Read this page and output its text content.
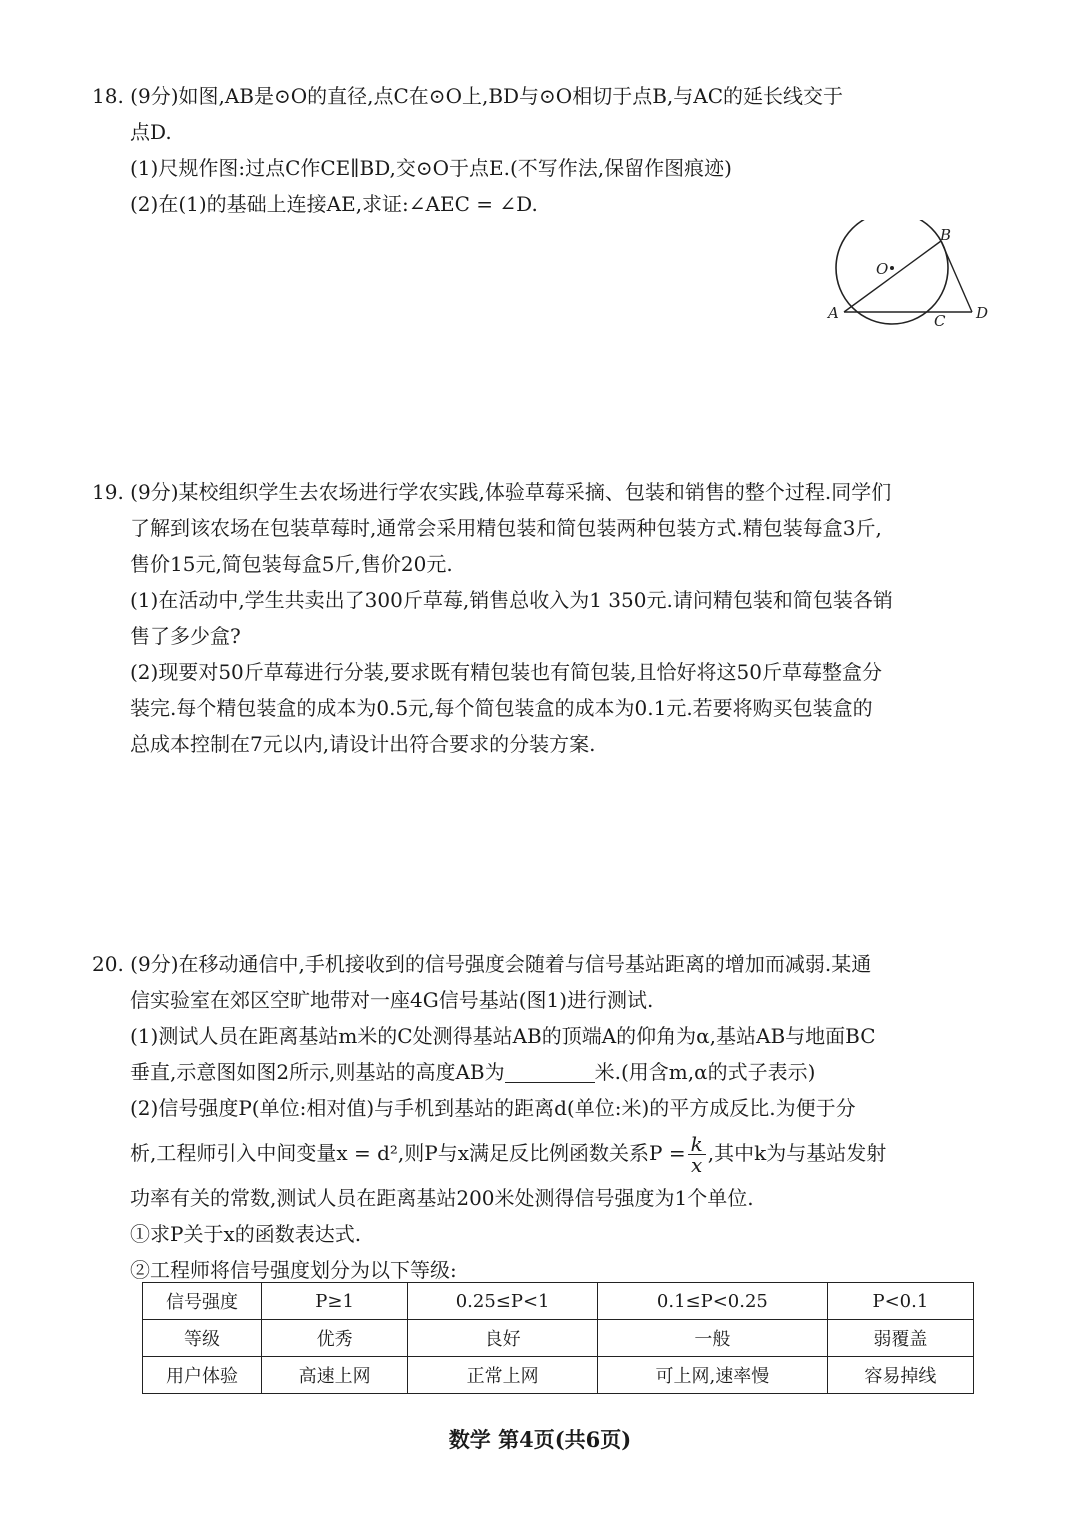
18. (9分)如图,AB是⊙O的直径,点C在⊙O上,BD与⊙O相切于点B,与AC的延长线交于
点D.
(1)尺规作图:过点C作CE∥BD,交⊙O于点E.(不写作法,保留作图痕迹)
(2)在(1)的基础上连接AE,求证:∠AEC = ∠D.
O
A
B
C D
19. (9分)某校组织学生去农场进行学农实践,体验草莓采摘、包装和销售的整个过程.同学们
了解到该农场在包装草莓时,通常会采用精包装和简包装两种包装方式.精包装每盒3斤,
售价15元,简包装每盒5斤,售价20元.
(1)在活动中,学生共卖出了300斤草莓,销售总收入为1 350元.请问精包装和简包装各销
售了多少盒?
(2)现要对50斤草莓进行分装,要求既有精包装也有简包装,且恰好将这50斤草莓整盒分
装完.每个精包装盒的成本为0.5元,每个简包装盒的成本为0.1元.若要将购买包装盒的
总成本控制在7元以内,请设计出符合要求的分装方案.
20. (9分)在移动通信中,手机接收到的信号强度会随着与信号基站距离的增加而减弱.某通
信实验室在郊区空旷地带对一座4G信号基站(图1)进行测试.
(1)测试人员在距离基站m米的C处测得基站AB的顶端A的仰角为α,基站AB与地面BC
垂直,示意图如图2所示,则基站的高度AB为	米.(用含m,α的式子表示)
(2)信号强度P(单位:相对值)与手机到基站的距离d(单位:米)的平方成反比.为便于分
析,工程师引入中间变量x = d²,则P与x满足反比例函数关系$P = \frac{k}{x}$ ,其中k为与基站发射
功率有关的常数,测试人员在距离基站200米处测得信号强度为1个单位.
①求P关于x的函数表达式.
②工程师将信号强度划分为以下等级:
信号强度	P≥1	0.25≤P<1	0.1≤P<0.25	P<0.1
等级	优秀	良好	一般	弱覆盖
用户体验	高速上网	正常上网	可上网,速率慢	容易掉线
数学 第4页(共6页)
